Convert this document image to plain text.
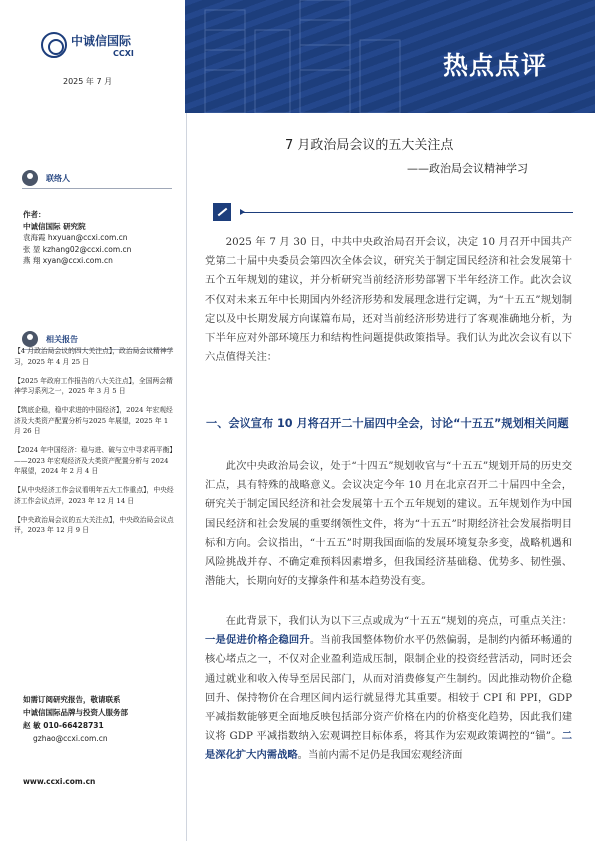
热点点评
中诚信国际
CCXI
2025 年 7 月
联络人
作者：
中诚信国际 研究院
袁海霞 hxyuan@ccxi.com.cn
张 堃 kzhang02@ccxi.com.cn
燕 翔 xyan@ccxi.com.cn
相关报告
【4 月政治局会议的四大关注点】，政治局会议精神学习，2025 年 4 月 25 日
【2025 年政府工作报告的八大关注点】，全国两会精神学习系列之一，2025 年 3 月 5 日
【筑底企稳，稳中求进的中国经济】，2024 年宏观经济及大类资产配置分析与2025 年展望，2025 年 1 月 26 日
【2024 年中国经济：稳与进、破与立中寻求再平衡】——2023 年宏观经济及大类资产配置分析与 2024 年展望，2024 年 2 月 4 日
【从中央经济工作会议看明年五大工作重点】，中央经济工作会议点评，2023 年 12 月 14 日
【中央政治局会议的五大关注点】，中央政治局会议点评，2023 年 12 月 9 日
如需订阅研究报告，敬请联系
中诚信国际品牌与投资人服务部
赵 敏 010-66428731
gzhao@ccxi.com.cn
www.ccxi.com.cn
7 月政治局会议的五大关注点
——政治局会议精神学习
2025 年 7 月 30 日，中共中央政治局召开会议，决定 10 月召开中国共产党第二十届中央委员会第四次全体会议，研究关于制定国民经济和社会发展第十五个五年规划的建议，并分析研究当前经济形势部署下半年经济工作。此次会议不仅对未来五年中长期国内外经济形势和发展理念进行定调，为“十五五”规划制定以及中长期发展方向谋篇布局，还对当前经济形势进行了客观准确地分析，为下半年应对外部环境压力和结构性问题提供政策指导。我们认为此次会议有以下六点值得关注：
一、会议宣布 10 月将召开二十届四中全会，讨论“十五五”规划相关问题
此次中央政治局会议，处于“十四五”规划收官与“十五五”规划开局的历史交汇点，具有特殊的战略意义。会议决定今年 10 月在北京召开二十届四中全会，研究关于制定国民经济和社会发展第十五个五年规划的建议。五年规划作为中国国民经济和社会发展的重要纲领性文件，将为“十五五”时期经济社会发展指明目标和方向。会议指出，“十五五”时期我国面临的发展环境复杂多变，战略机遇和风险挑战并存、不确定难预料因素增多，但我国经济基础稳、优势多、韧性强、潜能大，长期向好的支撑条件和基本趋势没有变。
在此背景下，我们认为以下三点或成为“十五五”规划的亮点，可重点关注：一是促进价格企稳回升。当前我国整体物价水平仍然偏弱，是制约内循环畅通的核心堵点之一，不仅对企业盈利造成压制，限制企业的投资经营活动，同时还会通过就业和收入传导至居民部门，从而对消费修复产生制约。因此推动物价企稳回升、保持物价在合理区间内运行就显得尤其重要。相较于 CPI 和 PPI，GDP 平减指数能够更全面地反映包括部分资产价格在内的价格变化趋势，因此我们建议将 GDP 平减指数纳入宏观调控目标体系，将其作为宏观政策调控的“锚”。二是深化扩大内需战略。当前内需不足仍是我国宏观经济面
